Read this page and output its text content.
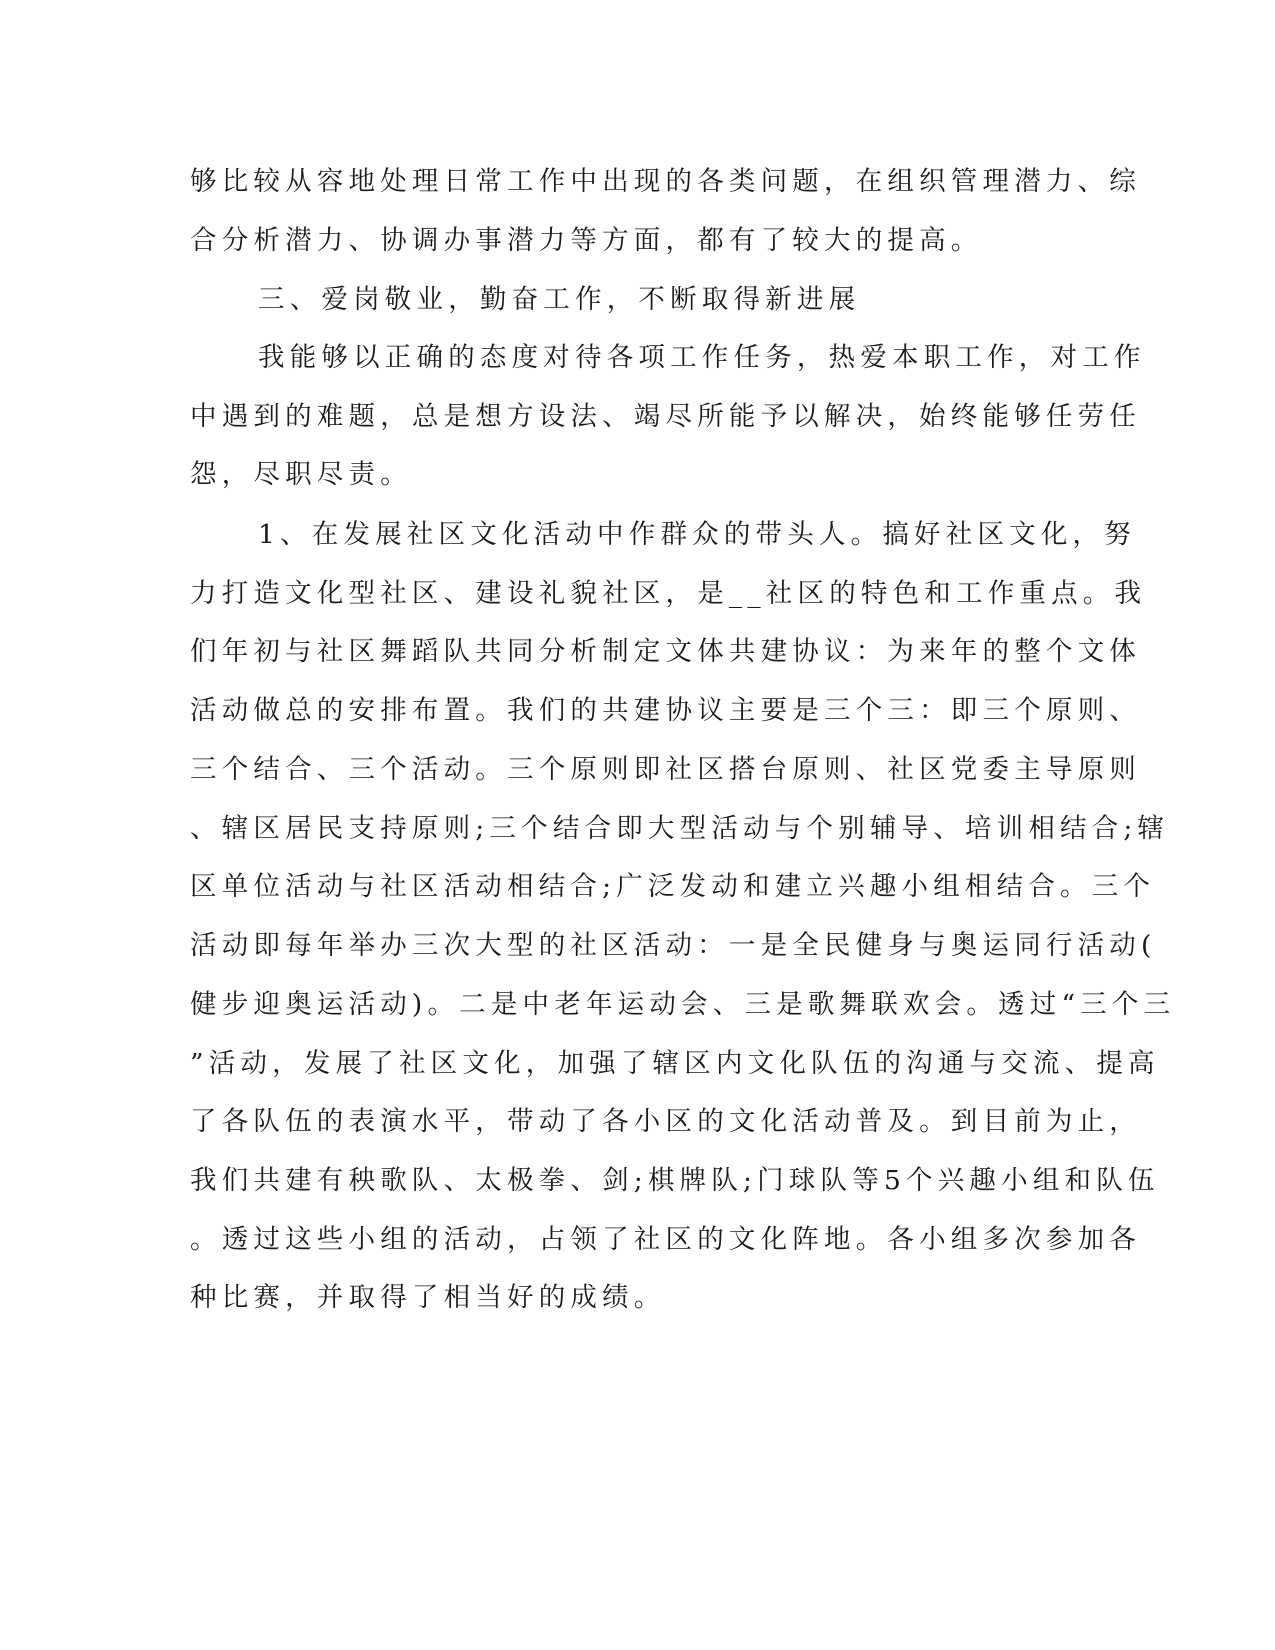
够比较从容地处理日常工作中出现的各类问题，在组织管理潜力、综
合分析潜力、协调办事潜力等方面，都有了较大的提高。
三、爱岗敬业，勤奋工作，不断取得新进展
我能够以正确的态度对待各项工作任务，热爱本职工作，对工作
中遇到的难题，总是想方设法、竭尽所能予以解决，始终能够任劳任
怨，尽职尽责。
1、在发展社区文化活动中作群众的带头人。搞好社区文化，努
力打造文化型社区、建设礼貌社区，是__社区的特色和工作重点。我
们年初与社区舞蹈队共同分析制定文体共建协议：为来年的整个文体
活动做总的安排布置。我们的共建协议主要是三个三：即三个原则、
三个结合、三个活动。三个原则即社区搭台原则、社区党委主导原则
、辖区居民支持原则;三个结合即大型活动与个别辅导、培训相结合;辖
区单位活动与社区活动相结合;广泛发动和建立兴趣小组相结合。三个
活动即每年举办三次大型的社区活动：一是全民健身与奥运同行活动(
健步迎奥运活动)。二是中老年运动会、三是歌舞联欢会。透过“三个三
”活动，发展了社区文化，加强了辖区内文化队伍的沟通与交流、提高
了各队伍的表演水平，带动了各小区的文化活动普及。到目前为止，
我们共建有秧歌队、太极拳、剑;棋牌队;门球队等5个兴趣小组和队伍
。透过这些小组的活动，占领了社区的文化阵地。各小组多次参加各
种比赛，并取得了相当好的成绩。
